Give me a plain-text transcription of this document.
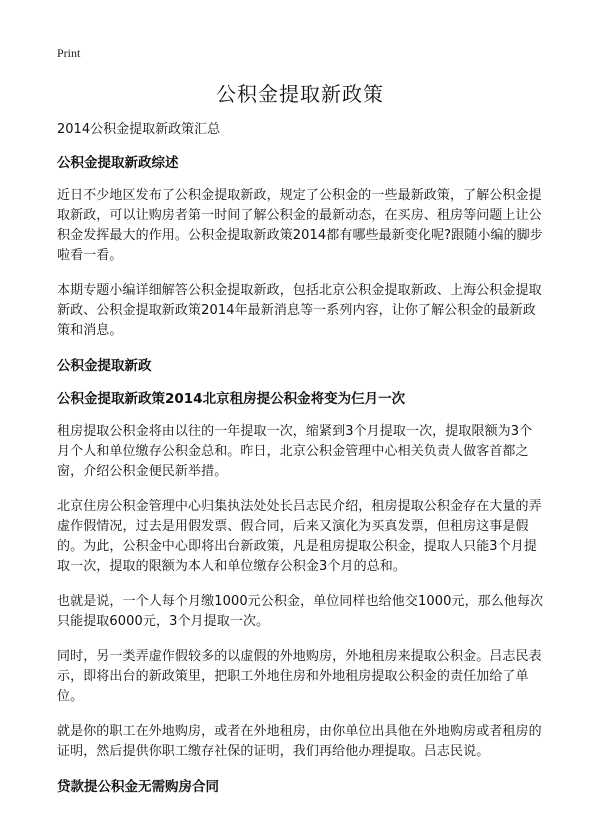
Print
公积金提取新政策
2014公积金提取新政策汇总
公积金提取新政综述

近日不少地区发布了公积金提取新政，规定了公积金的一些最新政策，了解公积金提取新政，可以让购房者第一时间了解公积金的最新动态，在买房、租房等问题上让公积金发挥最大的作用。公积金提取新政策2014都有哪些最新变化呢?跟随小编的脚步啦看一看。

本期专题小编详细解答公积金提取新政，包括北京公积金提取新政、上海公积金提取新政、公积金提取新政策2014年最新消息等一系列内容，让你了解公积金的最新政策和消息。

公积金提取新政
公积金提取新政策2014北京租房提公积金将变为仨月一次

租房提取公积金将由以往的一年提取一次，缩紧到3个月提取一次，提取限额为3个月个人和单位缴存公积金总和。昨日，北京公积金管理中心相关负责人做客首都之窗，介绍公积金便民新举措。

北京住房公积金管理中心归集执法处处长吕志民介绍，租房提取公积金存在大量的弄虚作假情况，过去是用假发票、假合同，后来又演化为买真发票，但租房这事是假的。为此，公积金中心即将出台新政策，凡是租房提取公积金，提取人只能3个月提取一次，提取的限额为本人和单位缴存公积金3个月的总和。

也就是说，一个人每个月缴1000元公积金，单位同样也给他交1000元，那么他每次只能提取6000元，3个月提取一次。

同时，另一类弄虚作假较多的以虚假的外地购房，外地租房来提取公积金。吕志民表示，即将出台的新政策里，把职工外地住房和外地租房提取公积金的责任加给了单位。

就是你的职工在外地购房，或者在外地租房，由你单位出具他在外地购房或者租房的证明，然后提供你职工缴存社保的证明，我们再给他办理提取。吕志民说。

贷款提公积金无需购房合同
